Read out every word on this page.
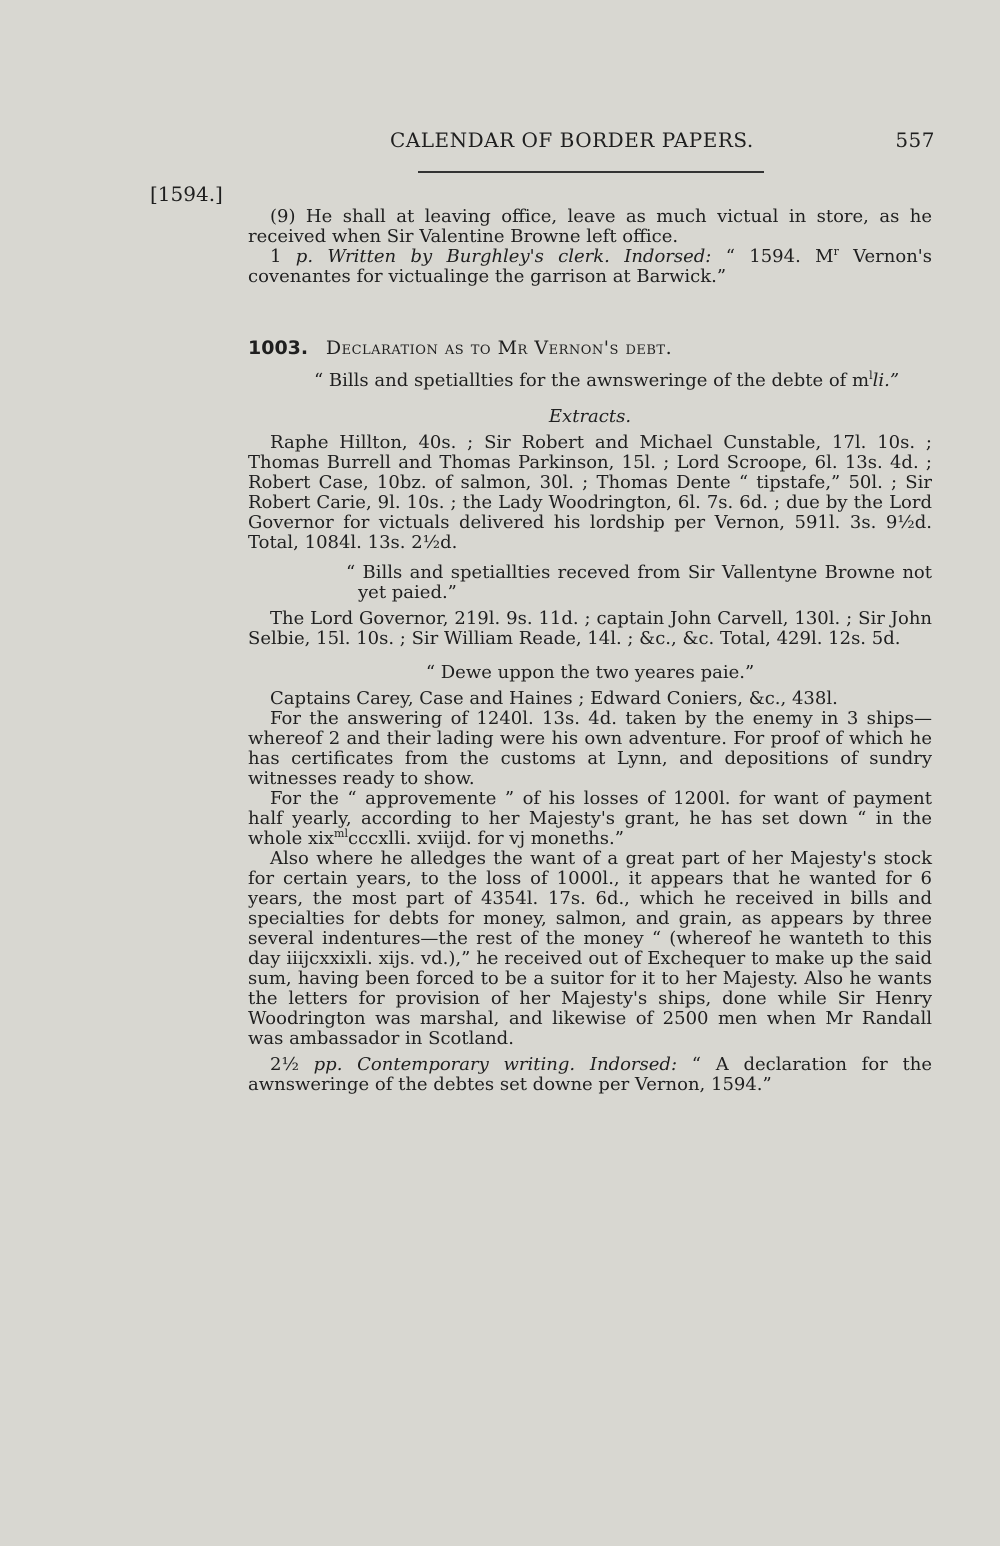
CALENDAR OF BORDER PAPERS.	557
[1594.]

(9) He shall at leaving office, leave as much victual in store, as he received when Sir Valentine Browne left office.

1 p. Written by Burghley's clerk. Indorsed: “ 1594. $M^r$ Vernon's covenantes for victualinge the garrison at Barwick.”

1003. Declaration as to Mr Vernon's debt.

“ Bills and spetiallties for the awnsweringe of the debte of $m^lli$.”

Extracts.

Raphe Hillton, 40s. ; Sir Robert and Michael Cunstable, 17l. 10s. ; Thomas Burrell and Thomas Parkinson, 15l. ; Lord Scroope, 6l. 13s. 4d. ; Robert Case, 10bz. of salmon, 30l. ; Thomas Dente “ tipstafe,” 50l. ; Sir Robert Carie, 9l. 10s. ; the Lady Woodrington, 6l. 7s. 6d. ; due by the Lord Governor for victuals delivered his lordship per Vernon, 591l. 3s. 9½d. Total, 1084l. 13s. 2½d.

“ Bills and spetiallties receved from Sir Vallentyne Browne not yet paied.”

The Lord Governor, 219l. 9s. 11d. ; captain John Carvell, 130l. ; Sir John Selbie, 15l. 10s. ; Sir William Reade, 14l. ; &c., &c. Total, 429l. 12s. 5d.

“ Dewe uppon the two yeares paie.”

Captains Carey, Case and Haines ; Edward Coniers, &c., 438l.

For the answering of 1240l. 13s. 4d. taken by the enemy in 3 ships—whereof 2 and their lading were his own adventure. For proof of which he has certificates from the customs at Lynn, and depositions of sundry witnesses ready to show.

For the “ approvemente ” of his losses of 1200l. for want of payment half yearly, according to her Majesty's grant, he has set down “ in the whole xix$^{ml}$cccxlli. xviijd. for vj moneths.”

Also where he alledges the want of a great part of her Majesty's stock for certain years, to the loss of 1000l., it appears that he wanted for 6 years, the most part of 4354l. 17s. 6d., which he received in bills and specialties for debts for money, salmon, and grain, as appears by three several indentures—the rest of the money “ (whereof he wanteth to this day iiijcxxixli. xijs. vd.),” he received out of Exchequer to make up the said sum, having been forced to be a suitor for it to her Majesty. Also he wants the letters for provision of her Majesty's ships, done while Sir Henry Woodrington was marshal, and likewise of 2500 men when Mr Randall was ambassador in Scotland.

2½ pp. Contemporary writing. Indorsed: “ A declaration for the awnsweringe of the debtes set downe per Vernon, 1594.”
